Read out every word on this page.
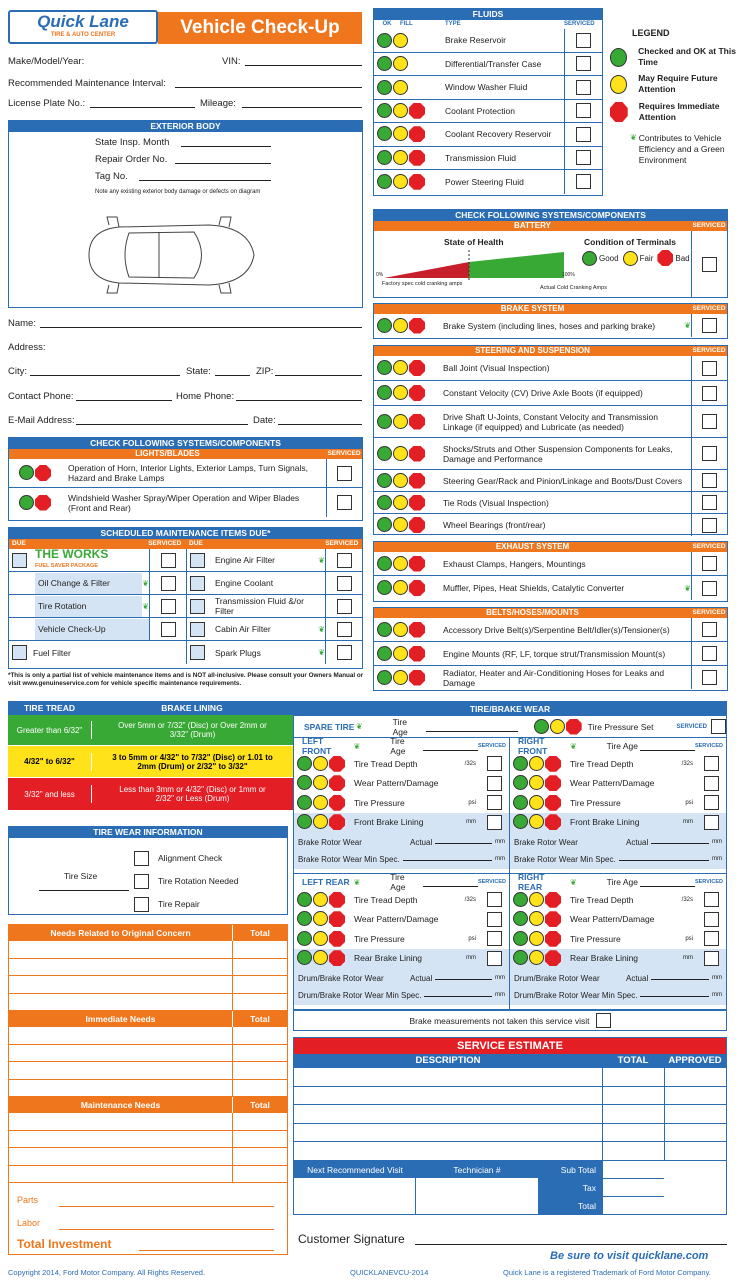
Quick Lane
TIRE & AUTO CENTER	Vehicle Check-Up
Make/Model/Year:	VIN:
Recommended Maintenance Interval:
License Plate No.:	Mileage:
EXTERIOR BODY
State Insp. Month
Repair Order No.
Tag No.
Note any existing exterior body damage or defects on diagram
Name:
Address:
City:	State:	ZIP:
Contact Phone:	Home Phone:
E-Mail Address:	Date:
CHECK FOLLOWING SYSTEMS/COMPONENTS
LIGHTS/BLADES	SERVICED
Operation of Horn, Interior Lights, Exterior Lamps, Turn Signals, Hazard and Brake Lamps
Windshield Washer Spray/Wiper Operation and Wiper Blades (Front and Rear)
SCHEDULED MAINTENANCE ITEMS DUE*
DUE	SERVICED	DUE	SERVICED
THE WORKS
FUEL SAVER PACKAGE
Oil Change & Filter	❦
Tire Rotation	❦
Vehicle Check-Up
Fuel Filter
Engine Air Filter	❦
Engine Coolant
Transmission Fluid &/or Filter
Cabin Air Filter	❦
Spark Plugs	❦
*This is only a partial list of vehicle maintenance items and is NOT all-inclusive. Please consult your Owners Manual or visit www.genuineservice.com for vehicle specific maintenance requirements.
FLUIDS
OK	FILL	TYPE	SERVICED
Brake Reservoir
Differential/Transfer Case
Window Washer Fluid
Coolant Protection
Coolant Recovery Reservoir
Transmission Fluid
Power Steering Fluid
LEGEND
Checked and OK at This Time
May Require Future Attention
Requires Immediate Attention
❦ Contributes to Vehicle Efficiency and a Green Environment
CHECK FOLLOWING SYSTEMS/COMPONENTS
BATTERY	SERVICED
State of Health	Condition of Terminals
0%	100%
Factory spec cold cranking amps
Actual Cold Cranking Amps
Good	Fair	Bad
BRAKE SYSTEM	SERVICED
Brake System (including lines, hoses and parking brake)	❦
STEERING AND SUSPENSION	SERVICED
Ball Joint (Visual Inspection)
Constant Velocity (CV) Drive Axle Boots (if equipped)
Drive Shaft U-Joints, Constant Velocity and Transmission Linkage (if equipped) and Lubricate (as needed)
Shocks/Struts and Other Suspension Components for Leaks, Damage and Performance
Steering Gear/Rack and Pinion/Linkage and Boots/Dust Covers
Tie Rods (Visual Inspection)
Wheel Bearings (front/rear)
EXHAUST SYSTEM	SERVICED
Exhaust Clamps, Hangers, Mountings
Muffler, Pipes, Heat Shields, Catalytic Converter	❦
BELTS/HOSES/MOUNTS	SERVICED
Accessory Drive Belt(s)/Serpentine Belt/Idler(s)/Tensioner(s)
Engine Mounts (RF, LF, torque strut/Transmission Mount(s)
Radiator, Heater and Air-Conditioning Hoses for Leaks and Damage
TIRE TREAD	BRAKE LINING
Greater than 6/32"	Over 5mm or 7/32" (Disc) or Over 2mm or 3/32" (Drum)
4/32" to 6/32"	3 to 5mm or 4/32" to 7/32" (Disc) or 1.01 to 2mm (Drum) or 2/32" to 3/32"
3/32" and less	Less than 3mm or 4/32" (Disc) or 1mm or 2/32" or Less (Drum)
TIRE WEAR INFORMATION
Tire Size
Alignment Check
Tire Rotation Needed
Tire Repair
Needs Related to Original Concern	Total
Immediate Needs	Total
Maintenance Needs	Total
Parts
Labor
Total Investment
TIRE/BRAKE WEAR
SPARE TIRE ❦	Tire Age	Tire Pressure Set	SERVICED
LEFT FRONT	❦	Tire Age	SERVICED
Tire Tread Depth	/32s
Wear Pattern/Damage
Tire Pressure	psi
Front Brake Lining	mm
Brake Rotor Wear	Actual	mm
Brake Rotor Wear Min Spec.	mm
RIGHT FRONT	❦	Tire Age	SERVICED
Tire Tread Depth	/32s
Wear Pattern/Damage
Tire Pressure	psi
Front Brake Lining	mm
Brake Rotor Wear	Actual	mm
Brake Rotor Wear Min Spec.	mm
LEFT REAR ❦	Tire Age	SERVICED
Tire Tread Depth	/32s
Wear Pattern/Damage
Tire Pressure	psi
Rear Brake Lining	mm
Drum/Brake Rotor Wear	Actual	mm
Drum/Brake Rotor Wear Min Spec.	mm
RIGHT REAR	❦	Tire Age	SERVICED
Tire Tread Depth	/32s
Wear Pattern/Damage
Tire Pressure	psi
Rear Brake Lining	mm
Drum/Brake Rotor Wear	Actual	mm
Drum/Brake Rotor Wear Min Spec.	mm
Brake measurements not taken this service visit
SERVICE ESTIMATE
DESCRIPTION	TOTAL	APPROVED
Next Recommended Visit	Technician #	Sub Total
Tax
Total
Customer Signature
Be sure to visit quicklane.com
Copyright 2014, Ford Motor Company. All Rights Reserved.	QUICKLANEVCU-2014	Quick Lane is a registered Trademark of Ford Motor Company.
